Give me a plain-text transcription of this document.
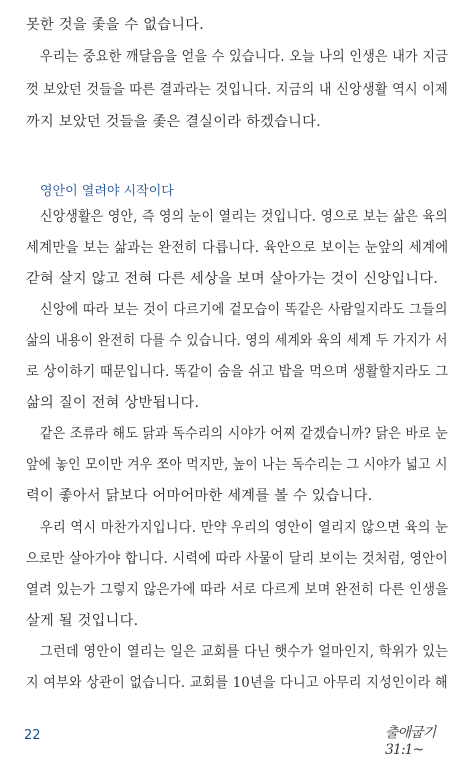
못한 것을 좇을 수 없습니다.
우리는 중요한 깨달음을 얻을 수 있습니다. 오늘 나의 인생은 내가 지금
껏 보았던 것들을 따른 결과라는 것입니다. 지금의 내 신앙생활 역시 이제
까지 보았던 것들을 좇은 결실이라 하겠습니다.
영안이 열려야 시작이다
신앙생활은 영안, 즉 영의 눈이 열리는 것입니다. 영으로 보는 삶은 육의
세계만을 보는 삶과는 완전히 다릅니다. 육안으로 보이는 눈앞의 세계에
갇혀 살지 않고 전혀 다른 세상을 보며 살아가는 것이 신앙입니다.
신앙에 따라 보는 것이 다르기에 겉모습이 똑같은 사람일지라도 그들의
삶의 내용이 완전히 다를 수 있습니다. 영의 세계와 육의 세계 두 가지가 서
로 상이하기 때문입니다. 똑같이 숨을 쉬고 밥을 먹으며 생활할지라도 그
삶의 질이 전혀 상반됩니다.
같은 조류라 해도 닭과 독수리의 시야가 어찌 같겠습니까? 닭은 바로 눈
앞에 놓인 모이만 겨우 쪼아 먹지만, 높이 나는 독수리는 그 시야가 넓고 시
력이 좋아서 닭보다 어마어마한 세계를 볼 수 있습니다.
우리 역시 마찬가지입니다. 만약 우리의 영안이 열리지 않으면 육의 눈
으로만 살아가야 합니다. 시력에 따라 사물이 달리 보이는 것처럼, 영안이
열려 있는가 그렇지 않은가에 따라 서로 다르게 보며 완전히 다른 인생을
살게 될 것입니다.
그런데 영안이 열리는 일은 교회를 다닌 햇수가 얼마인지, 학위가 있는
지 여부와 상관이 없습니다. 교회를 10년을 다니고 아무리 지성인이라 해
22	출애굽기 31:1~
